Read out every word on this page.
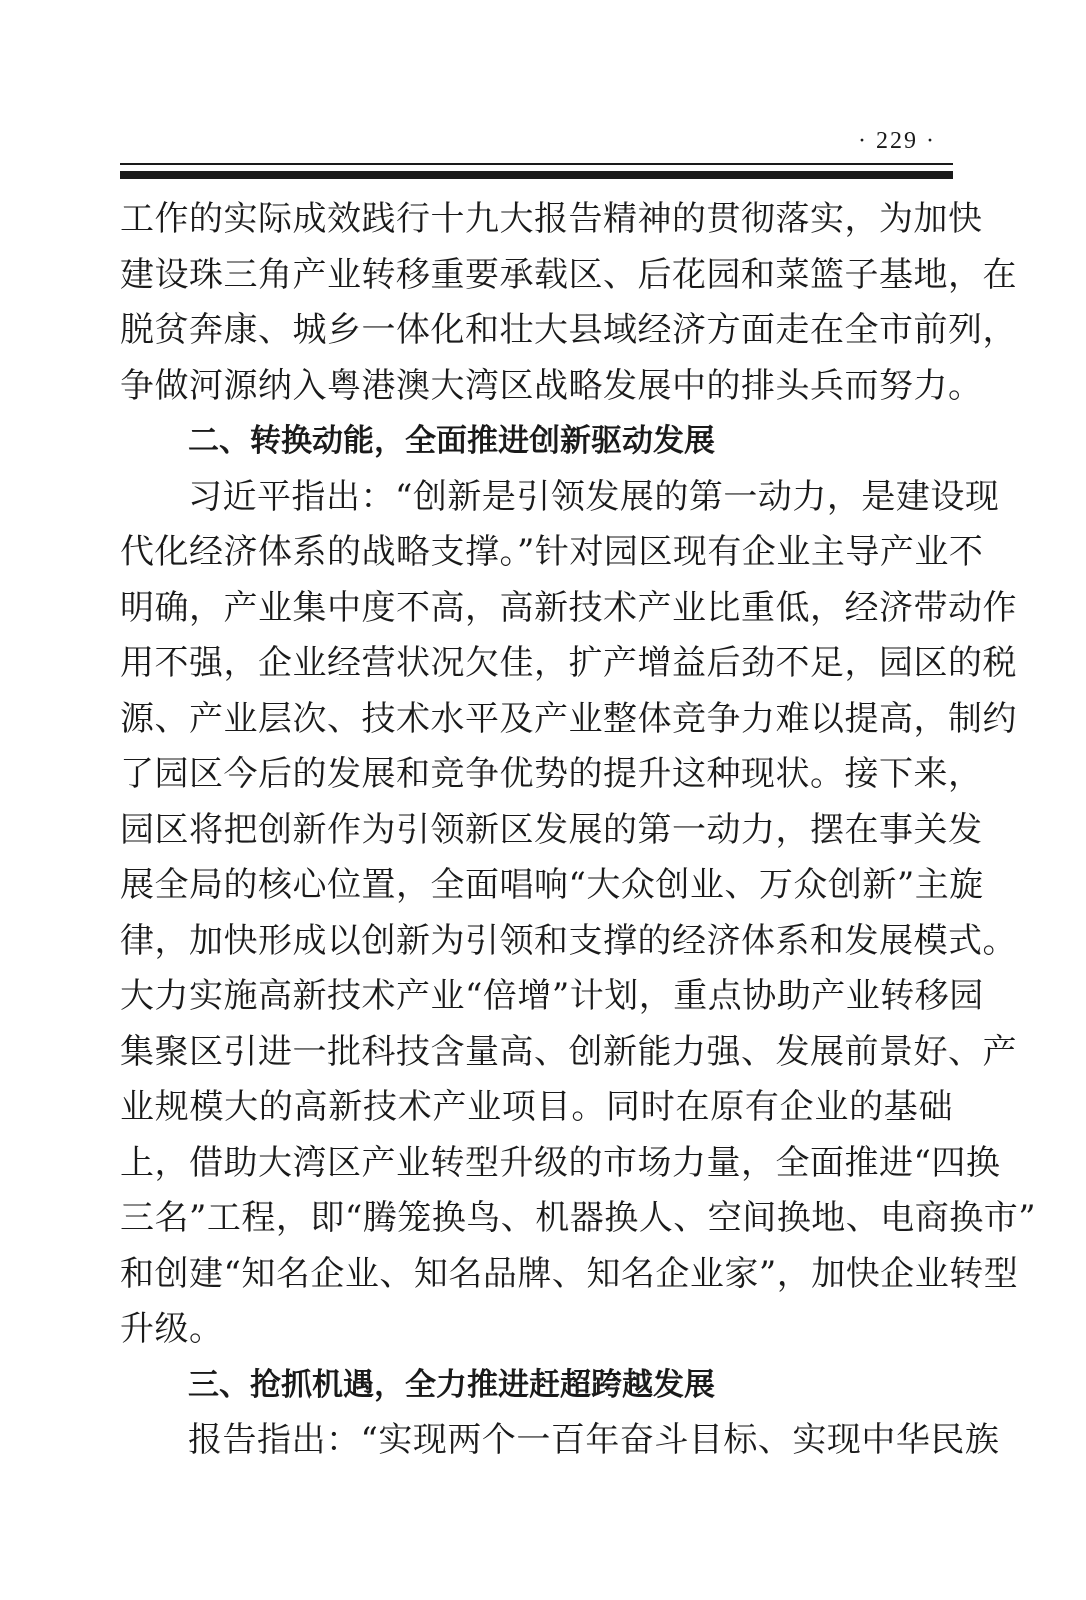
· 229 ·
工作的实际成效践行十九大报告精神的贯彻落实，为加快
建设珠三角产业转移重要承载区、后花园和菜篮子基地，在
脱贫奔康、城乡一体化和壮大县域经济方面走在全市前列，
争做河源纳入粤港澳大湾区战略发展中的排头兵而努力。
二、转换动能，全面推进创新驱动发展
习近平指出：“创新是引领发展的第一动力，是建设现
代化经济体系的战略支撑。”针对园区现有企业主导产业不
明确，产业集中度不高，高新技术产业比重低，经济带动作
用不强，企业经营状况欠佳，扩产增益后劲不足，园区的税
源、产业层次、技术水平及产业整体竞争力难以提高，制约
了园区今后的发展和竞争优势的提升这种现状。接下来，
园区将把创新作为引领新区发展的第一动力，摆在事关发
展全局的核心位置，全面唱响“大众创业、万众创新”主旋
律，加快形成以创新为引领和支撑的经济体系和发展模式。
大力实施高新技术产业“倍增”计划，重点协助产业转移园
集聚区引进一批科技含量高、创新能力强、发展前景好、产
业规模大的高新技术产业项目。同时在原有企业的基础
上，借助大湾区产业转型升级的市场力量，全面推进“四换
三名”工程，即“腾笼换鸟、机器换人、空间换地、电商换市”
和创建“知名企业、知名品牌、知名企业家”，加快企业转型
升级。
三、抢抓机遇，全力推进赶超跨越发展
报告指出：“实现两个一百年奋斗目标、实现中华民族
